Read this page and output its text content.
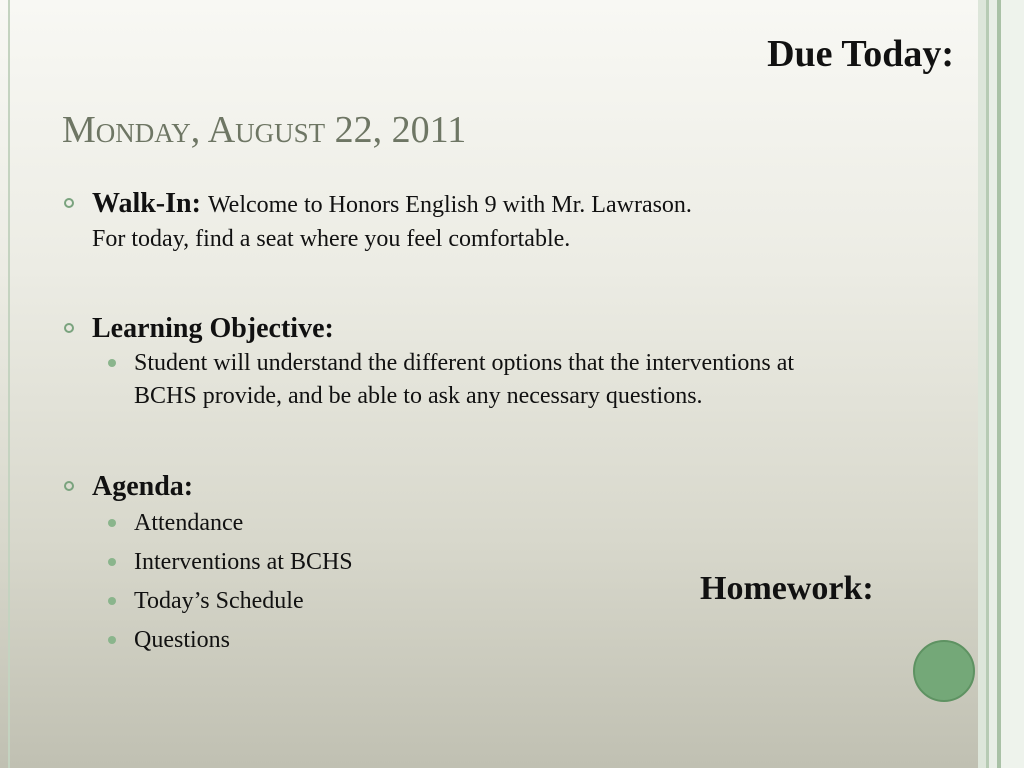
Due Today:
Monday, August 22, 2011
Walk-In: Welcome to Honors English 9 with Mr. Lawrason.
For today, find a seat where you feel comfortable.
Learning Objective:
Student will understand the different options that the interventions at BCHS provide, and be able to ask any necessary questions.
Agenda:
Attendance
Interventions at BCHS
Today’s Schedule
Questions
Homework:
